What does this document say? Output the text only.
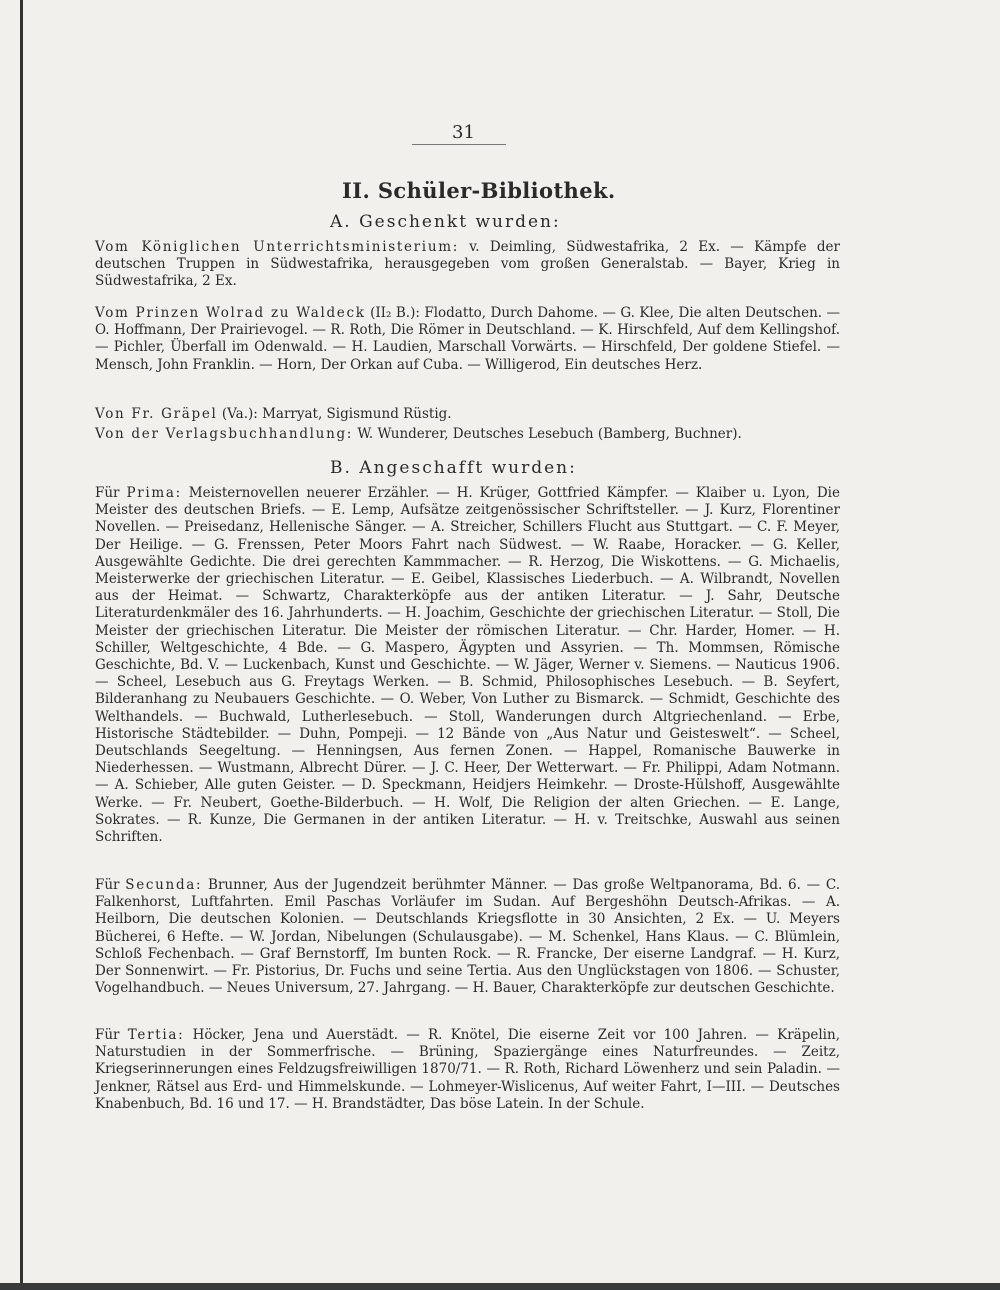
31
II. Schüler-Bibliothek.
A. Geschenkt wurden:
Vom Königlichen Unterrichtsministerium: v. Deimling, Südwestafrika, 2 Ex. — Kämpfe der deutschen Truppen in Südwestafrika, herausgegeben vom großen Generalstab. — Bayer, Krieg in Südwestafrika, 2 Ex.
Vom Prinzen Wolrad zu Waldeck (II₂ B.): Flodatto, Durch Dahome. — G. Klee, Die alten Deutschen. — O. Hoffmann, Der Prairievogel. — R. Roth, Die Römer in Deutschland. — K. Hirschfeld, Auf dem Kellingshof. — Pichler, Überfall im Odenwald. — H. Laudien, Marschall Vorwärts. — Hirschfeld, Der goldene Stiefel. — Mensch, John Franklin. — Horn, Der Orkan auf Cuba. — Willigerod, Ein deutsches Herz.
Von Fr. Gräpel (Va.): Marryat, Sigismund Rüstig.
Von der Verlagsbuchhandlung: W. Wunderer, Deutsches Lesebuch (Bamberg, Buchner).
B. Angeschafft wurden:
Für Prima: Meisternovellen neuerer Erzähler. — H. Krüger, Gottfried Kämpfer. — Klaiber u. Lyon, Die Meister des deutschen Briefs. — E. Lemp, Aufsätze zeitgenössischer Schriftsteller. — J. Kurz, Florentiner Novellen. — Preisedanz, Hellenische Sänger. — A. Streicher, Schillers Flucht aus Stuttgart. — C. F. Meyer, Der Heilige. — G. Frenssen, Peter Moors Fahrt nach Südwest. — W. Raabe, Horacker. — G. Keller, Ausgewählte Gedichte. Die drei gerechten Kammmacher. — R. Herzog, Die Wiskottens. — G. Michaelis, Meisterwerke der griechischen Literatur. — E. Geibel, Klassisches Liederbuch. — A. Wilbrandt, Novellen aus der Heimat. — Schwartz, Charakterköpfe aus der antiken Literatur. — J. Sahr, Deutsche Literaturdenkmäler des 16. Jahrhunderts. — H. Joachim, Geschichte der griechischen Literatur. — Stoll, Die Meister der griechischen Literatur. Die Meister der römischen Literatur. — Chr. Harder, Homer. — H. Schiller, Weltgeschichte, 4 Bde. — G. Maspero, Ägypten und Assyrien. — Th. Mommsen, Römische Geschichte, Bd. V. — Luckenbach, Kunst und Geschichte. — W. Jäger, Werner v. Siemens. — Nauticus 1906. — Scheel, Lesebuch aus G. Freytags Werken. — B. Schmid, Philosophisches Lesebuch. — B. Seyfert, Bilderanhang zu Neubauers Geschichte. — O. Weber, Von Luther zu Bismarck. — Schmidt, Geschichte des Welthandels. — Buchwald, Lutherlesebuch. — Stoll, Wanderungen durch Altgriechenland. — Erbe, Historische Städtebilder. — Duhn, Pompeji. — 12 Bände von „Aus Natur und Geisteswelt“. — Scheel, Deutschlands Seegeltung. — Henningsen, Aus fernen Zonen. — Happel, Romanische Bauwerke in Niederhessen. — Wustmann, Albrecht Dürer. — J. C. Heer, Der Wetterwart. — Fr. Philippi, Adam Notmann. — A. Schieber, Alle guten Geister. — D. Speckmann, Heidjers Heimkehr. — Droste-Hülshoff, Ausgewählte Werke. — Fr. Neubert, Goethe-Bilderbuch. — H. Wolf, Die Religion der alten Griechen. — E. Lange, Sokrates. — R. Kunze, Die Germanen in der antiken Literatur. — H. v. Treitschke, Auswahl aus seinen Schriften.
Für Secunda: Brunner, Aus der Jugendzeit berühmter Männer. — Das große Weltpanorama, Bd. 6. — C. Falkenhorst, Luftfahrten. Emil Paschas Vorläufer im Sudan. Auf Bergeshöhn Deutsch-Afrikas. — A. Heilborn, Die deutschen Kolonien. — Deutschlands Kriegsflotte in 30 Ansichten, 2 Ex. — U. Meyers Bücherei, 6 Hefte. — W. Jordan, Nibelungen (Schulausgabe). — M. Schenkel, Hans Klaus. — C. Blümlein, Schloß Fechenbach. — Graf Bernstorff, Im bunten Rock. — R. Francke, Der eiserne Landgraf. — H. Kurz, Der Sonnenwirt. — Fr. Pistorius, Dr. Fuchs und seine Tertia. Aus den Unglückstagen von 1806. — Schuster, Vogelhandbuch. — Neues Universum, 27. Jahrgang. — H. Bauer, Charakterköpfe zur deutschen Geschichte.
Für Tertia: Höcker, Jena und Auerstädt. — R. Knötel, Die eiserne Zeit vor 100 Jahren. — Kräpelin, Naturstudien in der Sommerfrische. — Brüning, Spaziergänge eines Naturfreundes. — Zeitz, Kriegserinnerungen eines Feldzugsfreiwilligen 1870/71. — R. Roth, Richard Löwenherz und sein Paladin. — Jenkner, Rätsel aus Erd- und Himmelskunde. — Lohmeyer-Wislicenus, Auf weiter Fahrt, I—III. — Deutsches Knabenbuch, Bd. 16 und 17. — H. Brandstädter, Das böse Latein. In der Schule.
